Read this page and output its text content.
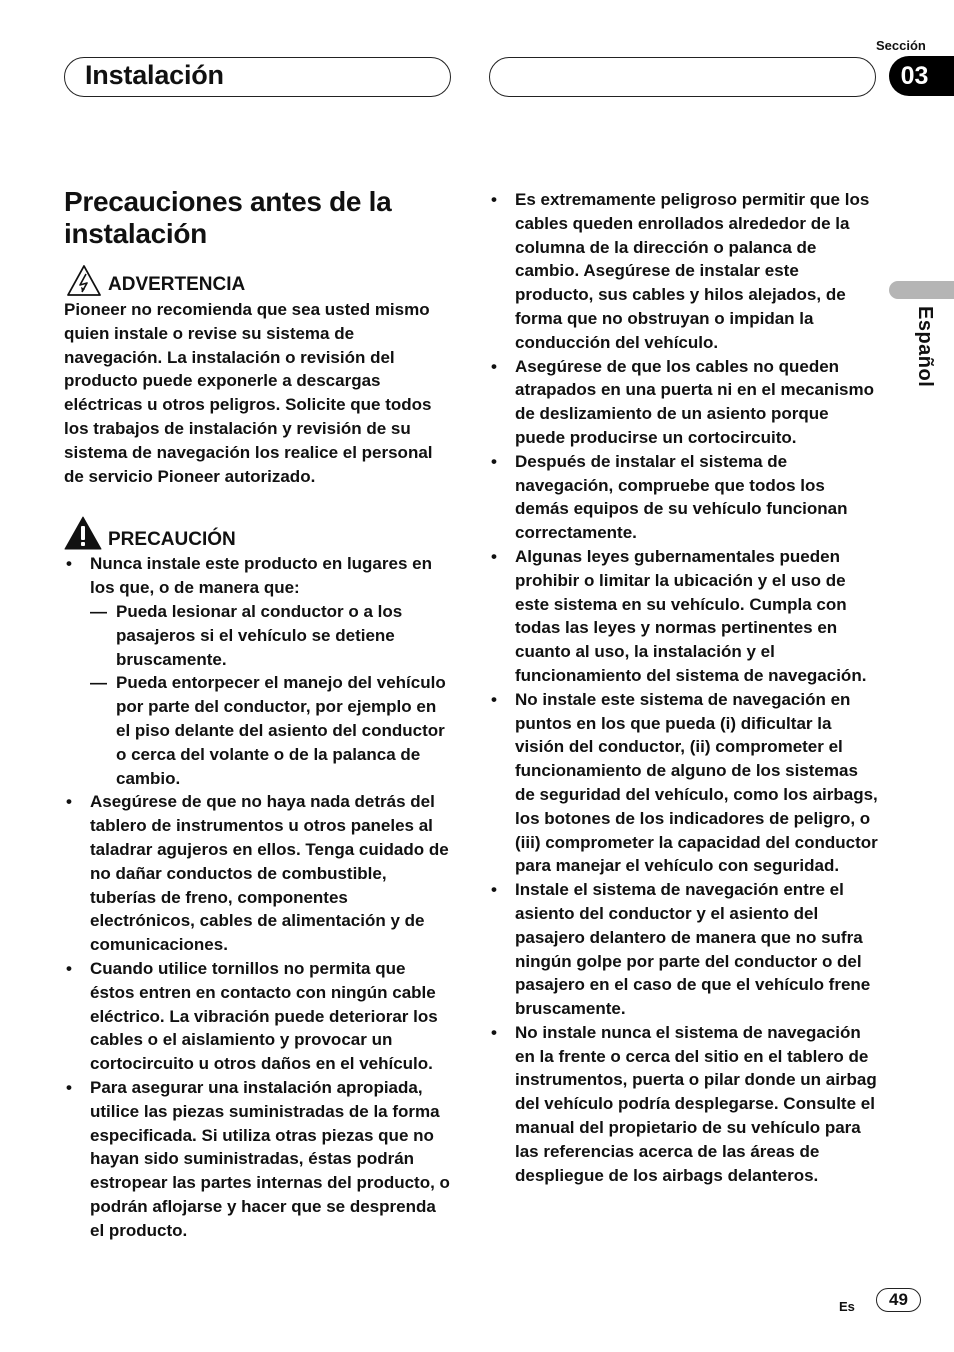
Instalación
Sección
03
Español
Precauciones antes de la instalación
ADVERTENCIA

Pioneer no recomienda que sea usted mismo quien instale o revise su sistema de navegación. La instalación o revisión del producto puede exponerle a descargas eléctricas u otros peligros. Solicite que todos los trabajos de instalación y revisión de su sistema de navegación los realice el personal de servicio Pioneer autorizado.

PRECAUCIÓN
• Nunca instale este producto en lugares en los que, o de manera que:
— Pueda lesionar al conductor o a los pasajeros si el vehículo se detiene bruscamente.
— Pueda entorpecer el manejo del vehículo por parte del conductor, por ejemplo en el piso delante del asiento del conductor o cerca del volante o de la palanca de cambio.
• Asegúrese de que no haya nada detrás del tablero de instrumentos u otros paneles al taladrar agujeros en ellos. Tenga cuidado de no dañar conductos de combustible, tuberías de freno, componentes electrónicos, cables de alimentación y de comunicaciones.
• Cuando utilice tornillos no permita que éstos entren en contacto con ningún cable eléctrico. La vibración puede deteriorar los cables o el aislamiento y provocar un cortocircuito u otros daños en el vehículo.
• Para asegurar una instalación apropiada, utilice las piezas suministradas de la forma especificada. Si utiliza otras piezas que no hayan sido suministradas, éstas podrán estropear las partes internas del producto, o podrán aflojarse y hacer que se desprenda el producto.
• Es extremamente peligroso permitir que los cables queden enrollados alrededor de la columna de la dirección o palanca de cambio. Asegúrese de instalar este producto, sus cables y hilos alejados, de forma que no obstruyan o impidan la conducción del vehículo.
• Asegúrese de que los cables no queden atrapados en una puerta ni en el mecanismo de deslizamiento de un asiento porque puede producirse un cortocircuito.
• Después de instalar el sistema de navegación, compruebe que todos los demás equipos de su vehículo funcionan correctamente.
• Algunas leyes gubernamentales pueden prohibir o limitar la ubicación y el uso de este sistema en su vehículo. Cumpla con todas las leyes y normas pertinentes en cuanto al uso, la instalación y el funcionamiento del sistema de navegación.
• No instale este sistema de navegación en puntos en los que pueda (i) dificultar la visión del conductor, (ii) comprometer el funcionamiento de alguno de los sistemas de seguridad del vehículo, como los airbags, los botones de los indicadores de peligro, o (iii) comprometer la capacidad del conductor para manejar el vehículo con seguridad.
• Instale el sistema de navegación entre el asiento del conductor y el asiento del pasajero delantero de manera que no sufra ningún golpe por parte del conductor o del pasajero en el caso de que el vehículo frene bruscamente.
• No instale nunca el sistema de navegación en la frente o cerca del sitio en el tablero de instrumentos, puerta o pilar donde un airbag del vehículo podría desplegarse. Consulte el manual del propietario de su vehículo para las referencias acerca de las áreas de despliegue de los airbags delanteros.
Es	49
